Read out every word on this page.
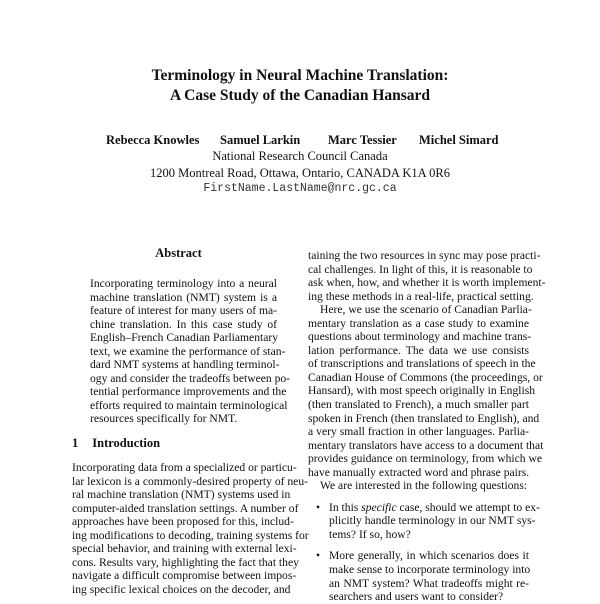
Terminology in Neural Machine Translation:
A Case Study of the Canadian Hansard
Rebecca Knowles Samuel Larkin Marc Tessier Michel Simard
National Research Council Canada
1200 Montreal Road, Ottawa, Ontario, CANADA K1A 0R6
FirstName.LastName@nrc.gc.ca
Abstract
Incorporating terminology into a neural
machine translation (NMT) system is a
feature of interest for many users of ma-
chine translation. In this case study of
English–French Canadian Parliamentary
text, we examine the performance of stan-
dard NMT systems at handling terminol-
ogy and consider the tradeoffs between po-
tential performance improvements and the
efforts required to maintain terminological
resources specifically for NMT.
1 Introduction
Incorporating data from a specialized or particu-
lar lexicon is a commonly-desired property of neu-
ral machine translation (NMT) systems used in
computer-aided translation settings. A number of
approaches have been proposed for this, includ-
ing modifications to decoding, training systems for
special behavior, and training with external lexi-
cons. Results vary, highlighting the fact that they
navigate a difficult compromise between impos-
ing specific lexical choices on the decoder, and
taining the two resources in sync may pose practi-
cal challenges. In light of this, it is reasonable to
ask when, how, and whether it is worth implement-
ing these methods in a real-life, practical setting.
Here, we use the scenario of Canadian Parlia-
mentary translation as a case study to examine
questions about terminology and machine trans-
lation performance. The data we use consists
of transcriptions and translations of speech in the
Canadian House of Commons (the proceedings, or
Hansard), with most speech originally in English
(then translated to French), a much smaller part
spoken in French (then translated to English), and
a very small fraction in other languages. Parlia-
mentary translators have access to a document that
provides guidance on terminology, from which we
have manually extracted word and phrase pairs.
We are interested in the following questions:
• In this specific case, should we attempt to ex-
plicitly handle terminology in our NMT sys-
tems? If so, how?
• More generally, in which scenarios does it
make sense to incorporate terminology into
an NMT system? What tradeoffs might re-
searchers and users want to consider?
